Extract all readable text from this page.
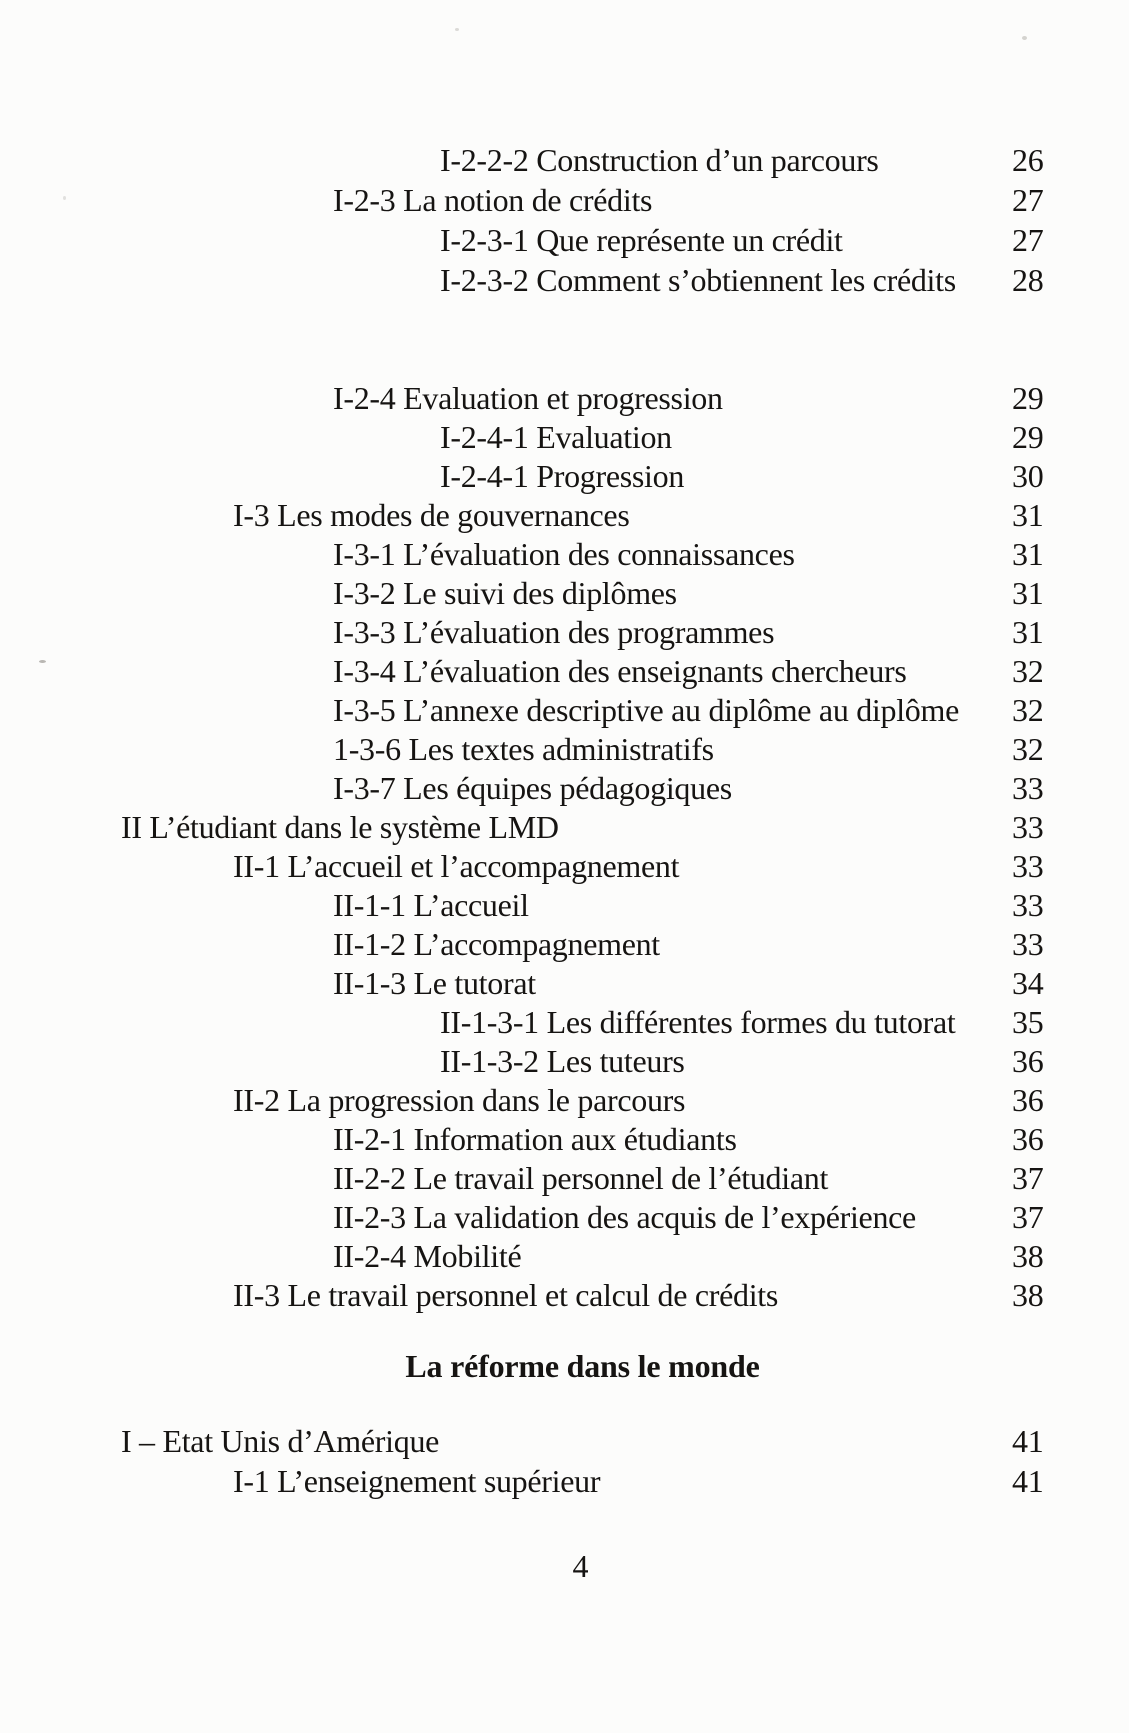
I-2-2-2 Construction d’un parcours	26
I-2-3 La notion de crédits	27
I-2-3-1 Que représente un crédit	27
I-2-3-2 Comment s’obtiennent les crédits	28
I-2-4 Evaluation et progression	29
I-2-4-1 Evaluation	29
I-2-4-1 Progression	30
I-3 Les modes de gouvernances	31
I-3-1 L’évaluation des connaissances	31
I-3-2 Le suivi des diplômes	31
I-3-3 L’évaluation des programmes	31
I-3-4 L’évaluation des enseignants chercheurs	32
I-3-5 L’annexe descriptive au diplôme au diplôme	32
1-3-6 Les textes administratifs	32
I-3-7 Les équipes pédagogiques	33
II L’étudiant dans le système LMD	33
II-1 L’accueil et l’accompagnement	33
II-1-1 L’accueil	33
II-1-2 L’accompagnement	33
II-1-3 Le tutorat	34
II-1-3-1 Les différentes formes du tutorat	35
II-1-3-2 Les tuteurs	36
II-2 La progression dans le parcours	36
II-2-1 Information aux étudiants	36
II-2-2 Le travail personnel de l’étudiant	37
II-2-3 La validation des acquis de l’expérience	37
II-2-4 Mobilité	38
II-3 Le travail personnel et calcul de crédits	38
La réforme dans le monde
I – Etat Unis d’Amérique	41
I-1 L’enseignement supérieur	41
4
